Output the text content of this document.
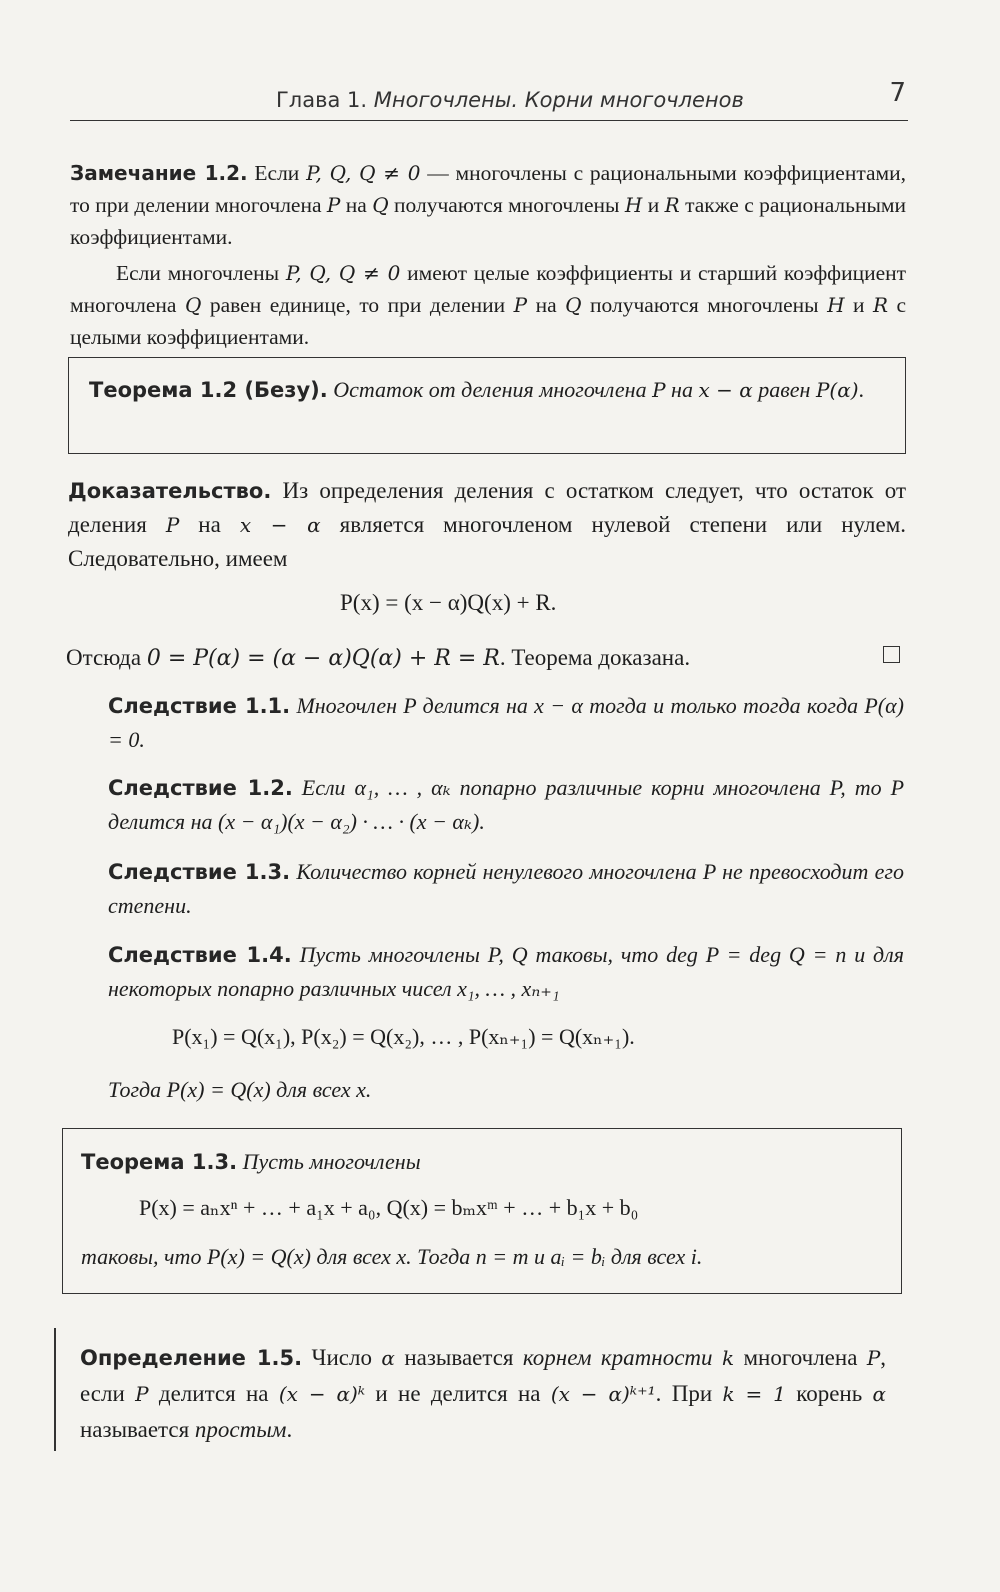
Глава 1. Многочлены. Корни многочленов	7

Замечание 1.2. Если P, Q, Q ≠ 0 — многочлены с рациональными коэффициентами, то при делении многочлена P на Q получаются многочлены H и R также с рациональными коэффициентами.

Если многочлены P, Q, Q ≠ 0 имеют целые коэффициенты и старший коэффициент многочлена Q равен единице, то при делении P на Q получаются многочлены H и R с целыми коэффициентами.

Теорема 1.2 (Безу). Остаток от деления многочлена P на x − α равен P(α).

Доказательство. Из определения деления с остатком следует, что остаток от деления P на x − α является многочленом нулевой степени или нулем. Следовательно, имеем

P(x) = (x − α)Q(x) + R.
Отсюда 0 = P(α) = (α − α)Q(α) + R = R. Теорема доказана.

Следствие 1.1. Многочлен P делится на x − α тогда и только тогда когда P(α) = 0.

Следствие 1.2. Если α₁, … , αₖ попарно различные корни многочлена P, то P делится на (x − α₁)(x − α₂) · … · (x − αₖ).

Следствие 1.3. Количество корней ненулевого многочлена P не превосходит его степени.

Следствие 1.4. Пусть многочлены P, Q таковы, что deg P = deg Q = n и для некоторых попарно различных чисел x₁, … , xₙ₊₁

P(x₁) = Q(x₁), P(x₂) = Q(x₂), … , P(xₙ₊₁) = Q(xₙ₊₁).
Тогда P(x) = Q(x) для всех x.
Теорема 1.3. Пусть многочлены
P(x) = aₙxⁿ + … + a₁x + a₀, Q(x) = bₘxᵐ + … + b₁x + b₀
таковы, что P(x) = Q(x) для всех x. Тогда n = m и aᵢ = bᵢ для всех i.

Определение 1.5. Число α называется корнем кратности k многочлена P, если P делится на (x − α)ᵏ и не делится на (x − α)ᵏ⁺¹. При k = 1 корень α называется простым.
